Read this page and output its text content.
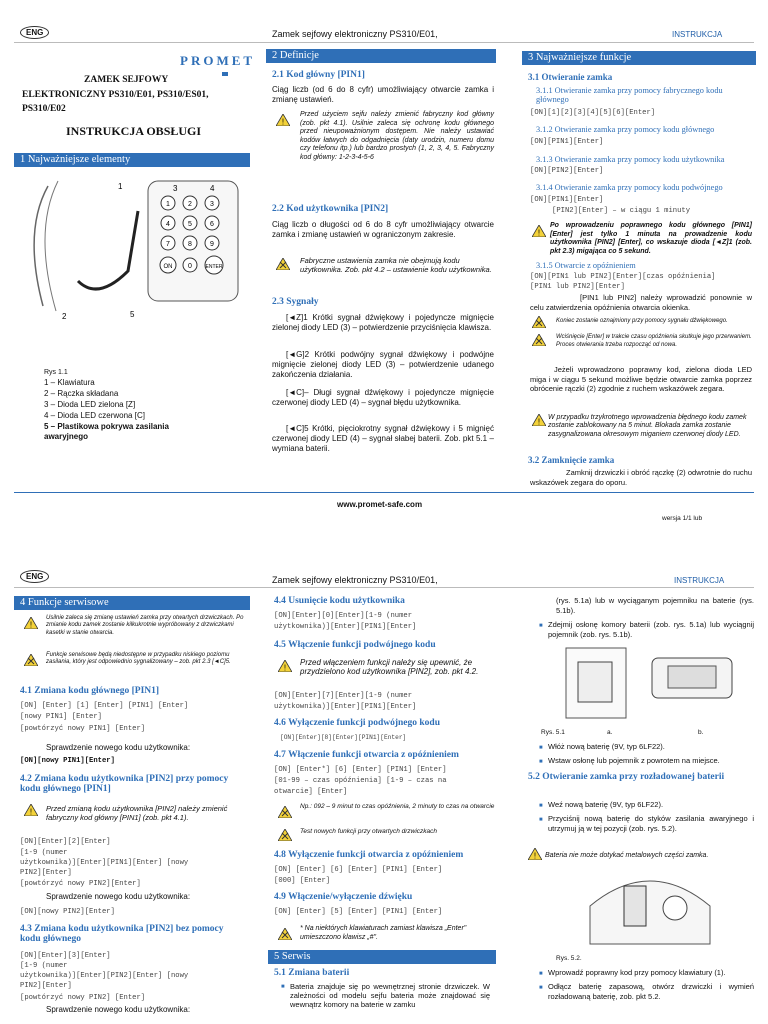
ENG	Zamek sejfowy elektroniczny PS310/E01,	INSTRUKCJA
PROMET
ZAMEK SEJFOWY
ELEKTRONICZNY PS310/E01, PS310/ES01,
PS310/E02
INSTRUKCJA OBSŁUGI
1 Najważniejsze elementy
1	2	3
4	5	6
7	8	9
ON 0	ENTER
1	3	4
2	5
Rys 1.1
1 – Klawiatura
2 – Rączka składana
3 – Dioda LED zielona [Z]
4 – Dioda LED czerwona [C]
5 – Plastikowa pokrywa zasilania awaryjnego
2 Definicje
2.1 Kod główny [PIN1]
Ciąg liczb (od 6 do 8 cyfr) umożliwiający otwarcie zamka i zmianę ustawień.
!
Przed użyciem sejfu należy zmienić fabryczny kod główny (zob. pkt 4.1). Usilnie zaleca się ochronę kodu głównego przed nieupoważnionym dostępem. Nie należy ustawiać kodów łatwych do odgadnięcia (daty urodzin, numeru domu czy telefonu itp.) lub bardzo prostych (1, 2, 3, 4, 5. Fabryczny kod główny: 1-2-3-4-5-6
2.2 Kod użytkownika [PIN2]
Ciąg liczb o długości od 6 do 8 cyfr umożliwiający otwarcie zamka i zmianę ustawień w ograniczonym zakresie.
Fabryczne ustawienia zamka nie obejmują kodu użytkownika. Zob. pkt 4.2 – ustawienie kodu użytkownika.
2.3 Sygnały
[◄Z]1 Krótki sygnał dźwiękowy i pojedyncze mignięcie zielonej diody LED (3) – potwierdzenie przyciśnięcia klawisza.
[◄G]2 Krótki podwójny sygnał dźwiękowy i podwójne mignięcie zielonej diody LED (3) – potwierdzenie udanego zakończenia działania.
[◄C]– Długi sygnał dźwiękowy i pojedyncze mignięcie czerwonej diody LED (4) – sygnał błędu użytkownika.
[◄C]5 Krótki, pięciokrotny sygnał dźwiękowy i 5 mignięć czerwonej diody LED (4) – sygnał słabej baterii. Zob. pkt 5.1 – wymiana baterii.
3 Najważniejsze funkcje
3.1 Otwieranie zamka
3.1.1 Otwieranie zamka przy pomocy fabrycznego kodu głównego
[ON][1][2][3][4][5][6][Enter]
3.1.2 Otwieranie zamka przy pomocy kodu głównego
[ON][PIN1][Enter]
3.1.3 Otwieranie zamka przy pomocy kodu użytkownika
[ON][PIN2][Enter]
3.1.4 Otwieranie zamka przy pomocy kodu podwójnego
[ON][PIN1][Enter]
[PIN2][Enter] – w ciągu 1 minuty
!
Po wprowadzeniu poprawnego kodu głównego [PIN1] [Enter] jest tylko 1 minuta na prowadzenie kodu użytkownika [PIN2] [Enter], co wskazuje dioda [◄Z]1 (zob. pkt 2.3) migająca co 5 sekund.
3.1.5 Otwarcie z opóźnieniem
[ON][PIN1 lub PIN2][Enter][czas opóźnienia]
[PIN1 lub PIN2][Enter]
[PIN1 lub PIN2] należy wprowadzić ponownie w celu zatwierdzenia opóźnienia otwarcia okienka.
Koniec zostanie oznajmiony przy pomocy sygnału dźwiękowego.
Wciśnięcie [Enter] w trakcie czasu opóźnienia skutkuje jego przerwaniem. Proces otwierania trzeba rozpocząć od nowa.
Jeżeli wprowadzono poprawny kod, zielona dioda LED miga i w ciągu 5 sekund możliwe będzie otwarcie zamka poprzez obrócenie rączki (2) zgodnie z ruchem wskazówek zegara.
! W przypadku trzykrotnego wprowadzenia błędnego kodu zamek zostanie zablokowany na 5 minut. Blokada zamka zostanie zasygnalizowana okresowym miganiem czerwonej diody LED.
3.2 Zamknięcie zamka
Zamknij drzwiczki i obróć rączkę (2) odwrotnie do ruchu wskazówek zegara do oporu.
www.promet-safe.com
wersja 1/1 lub
ENG	Zamek sejfowy elektroniczny PS310/E01,	INSTRUKCJA
4 Funkcje serwisowe
!
Usilnie zaleca się zmianę ustawień zamka przy otwartych drzwiczkach. Po zmianie kodu zamek zostanie kilkukrotnie wypróbowany z drzwiczkami kasetki w stanie otwarcia.
Funkcje serwisowe będą niedostępne w przypadku niskiego poziomu zasilania, który jest odpowiednio sygnalizowany – zob. pkt 2.3 [◄C]5.
4.1 Zmiana kodu głównego [PIN1]
[ON] [Enter] [1] [Enter] [PIN1] [Enter]
[nowy PIN1] [Enter]
[powtórzyć nowy PIN1] [Enter]
Sprawdzenie nowego kodu użytkownika:
[ON][nowy PIN1][Enter]
4.2 Zmiana kodu użytkownika [PIN2] przy pomocy kodu głównego [PIN1]
! Przed zmianą kodu użytkownika [PIN2] należy zmienić fabryczny kod główny [PIN1] (zob. pkt 4.1).
[ON][Enter][2][Enter]
[1-9 (numer
użytkownika)][Enter][PIN1][Enter] [nowy
PIN2][Enter]
[powtórzyć nowy PIN2][Enter]
Sprawdzenie nowego kodu użytkownika:
[ON][nowy PIN2][Enter]
4.3 Zmiana kodu użytkownika [PIN2] bez pomocy kodu głównego
[ON][Enter][3][Enter]
[1-9 (numer
użytkownika)][Enter][PIN2][Enter] [nowy
PIN2][Enter]
[powtórzyć nowy PIN2] [Enter]
Sprawdzenie nowego kodu użytkownika:
4.4 Usunięcie kodu użytkownika
[ON][Enter][0][Enter][1-9 (numer
użytkownika)][Enter][PIN1][Enter]
4.5 Włączenie funkcji podwójnego kodu
!
Przed włączeniem funkcji należy się upewnić, że przydzielono kod użytkownika [PIN2], zob. pkt 4.2.
[ON][Enter][7][Enter][1-9 (numer
użytkownika)][Enter][PIN1][Enter]
4.6 Wyłączenie funkcji podwójnego kodu
[ON][Enter][8][Enter][PIN1][Enter]
4.7 Włączenie funkcji otwarcia z opóźnieniem
[ON] [Enter*] [6] [Enter] [PIN1] [Enter]
[01-99 – czas opóźnienia] [1-9 – czas na
otwarcie] [Enter]
Np.: 092 – 9 minut to czas opóźnienia, 2 minuty to czas na otwarcie
Test nowych funkcji przy otwartych drzwiczkach
4.8 Wyłączenie funkcji otwarcia z opóźnieniem
[ON] [Enter] [6] [Enter] [PIN1] [Enter]
[000] [Enter]
4.9 Włączenie/wyłączenie dźwięku
[ON] [Enter] [5] [Enter] [PIN1] [Enter]
* Na niektórych klawiaturach zamiast klawisza „Enter" umieszczono klawisz „#".
5 Serwis
5.1 Zmiana baterii
■ Bateria znajduje się po wewnętrznej stronie drzwiczek. W zależności od modelu sejfu bateria może znajdować się wewnątrz komory na baterie w zamku
(rys. 5.1a) lub w wyciąganym pojemniku na baterie (rys. 5.1b).
■ Zdejmij osłonę komory baterii (zob. rys. 5.1a) lub wyciągnij pojemnik (zob. rys. 5.1b).
Rys. 5.1	a.	b.
■ Włóż nową baterię (9V, typ 6LF22).
■ Wstaw osłonę lub pojemnik z powrotem na miejsce.
5.2 Otwieranie zamka przy rozładowanej baterii
■ Weź nową baterię (9V, typ 6LF22).
■ Przyciśnij nową baterię do styków zasilania awaryjnego i utrzymuj ją w tej pozycji (zob. rys. 5.2).
! Bateria nie może dotykać metalowych części zamka.
Rys. 5.2.
■ Wprowadź poprawny kod przy pomocy klawiatury (1).
■ Odłącz baterię zapasową, otwórz drzwiczki i wymień rozładowaną baterię, zob. pkt 5.2.
